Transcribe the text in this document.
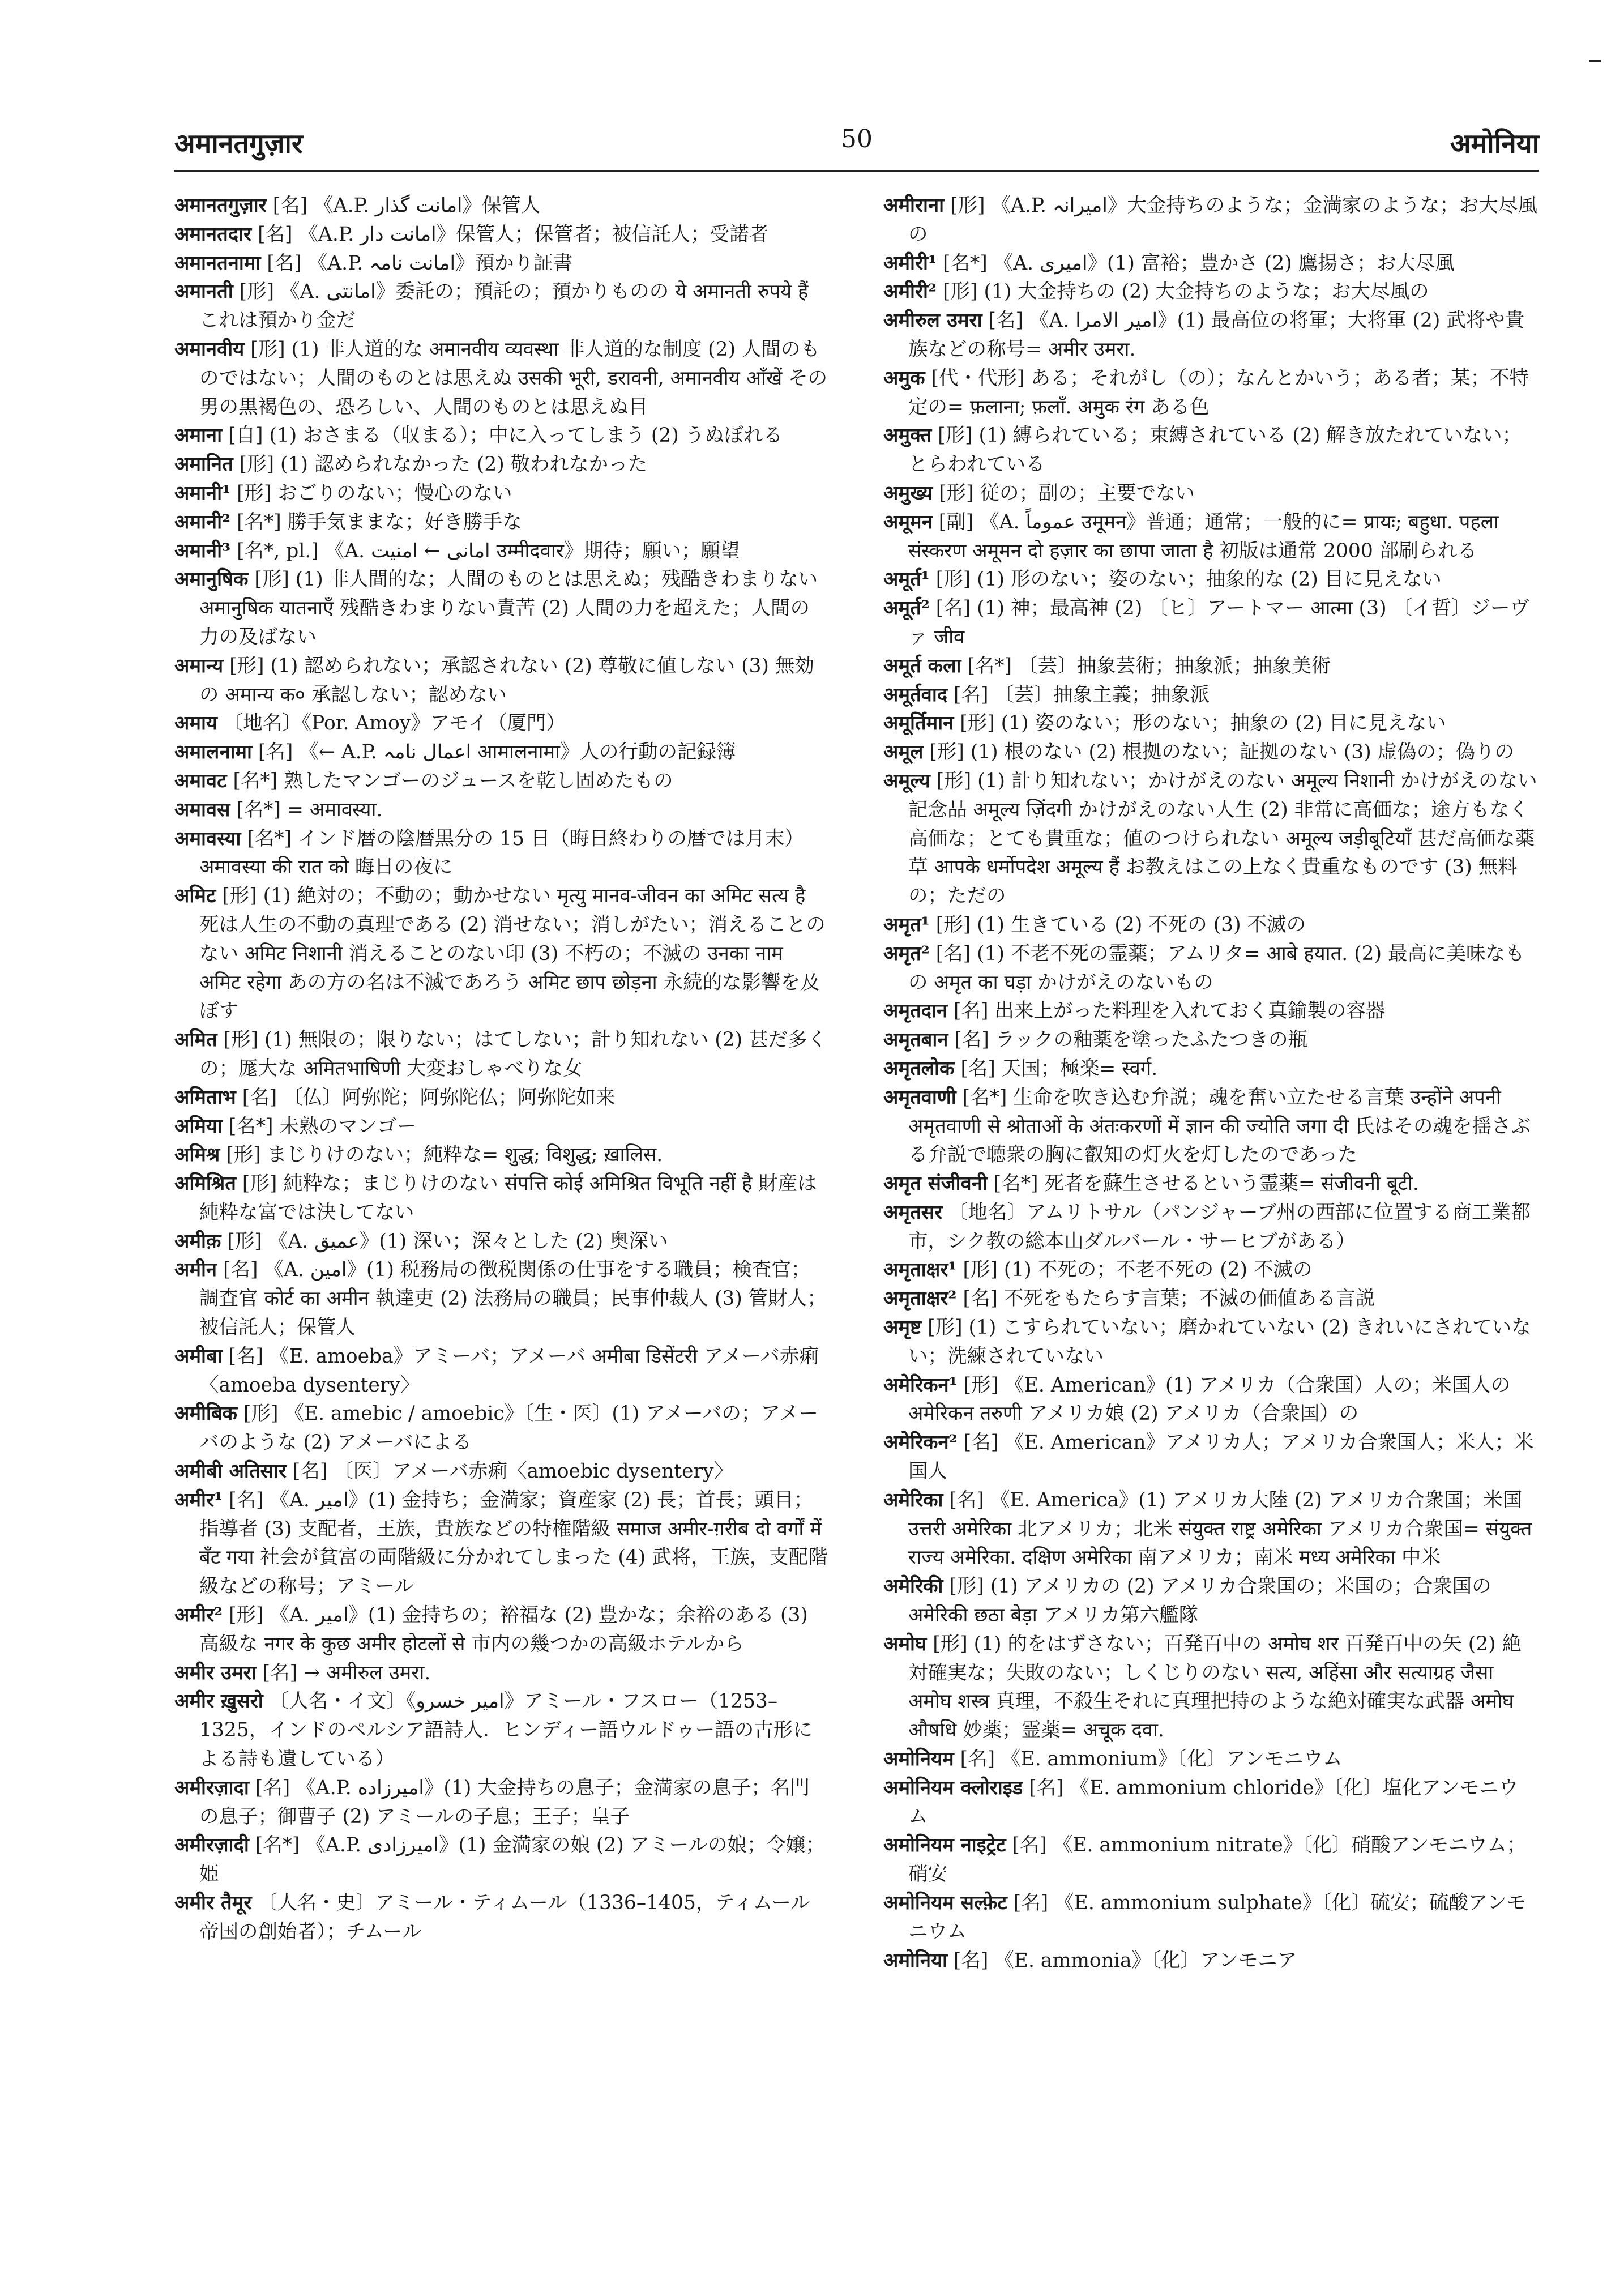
अमानतगुज़ार	50	अमोनिया

अमानतगुज़ार [名] 《A.P. امانت گذار》保管人

अमानतदार [名] 《A.P. امانت دار》保管人；保管者；被信託人；受諾者

अमानतनामा [名] 《A.P. امانت نامہ》預かり証書

अमानती [形] 《A. امانتی》委託の；預託の；預かりものの ये अमानती रुपये हैं これは預かり金だ

अमानवीय [形] (1) 非人道的な अमानवीय व्यवस्था 非人道的な制度 (2) 人間のものではない；人間のものとは思えぬ उसकी भूरी, डरावनी, अमानवीय आँखें その男の黒褐色の、恐ろしい、人間のものとは思えぬ目

अमाना [自] (1) おさまる（収まる）；中に入ってしまう (2) うぬぼれる

अमानित [形] (1) 認められなかった (2) 敬われなかった

अमानी¹ [形] おごりのない；慢心のない

अमानी² [名*] 勝手気ままな；好き勝手な

अमानी³ [名*, pl.] 《A. امانی ← امنیت उम्मीदवार》期待；願い；願望

अमानुषिक [形] (1) 非人間的な；人間のものとは思えぬ；残酷きわまりない अमानुषिक यातनाएँ 残酷きわまりない責苦 (2) 人間の力を超えた；人間の力の及ばない

अमान्य [形] (1) 認められない；承認されない (2) 尊敬に値しない (3) 無効の अमान्य क० 承認しない；認めない

अमाय 〔地名〕《Por. Amoy》アモイ（厦門）

अमालनामा [名] 《← A.P. اعمال نامہ आमालनामा》人の行動の記録簿

अमावट [名*] 熟したマンゴーのジュースを乾し固めたもの

अमावस [名*] = अमावस्या.

अमावस्या [名*] インド暦の陰暦黒分の 15 日（晦日終わりの暦では月末） अमावस्या की रात को 晦日の夜に

अमिट [形] (1) 絶対の；不動の；動かせない मृत्यु मानव-जीवन का अमिट सत्य है 死は人生の不動の真理である (2) 消せない；消しがたい；消えることのない अमिट निशानी 消えることのない印 (3) 不朽の；不滅の उनका नाम अमिट रहेगा あの方の名は不滅であろう अमिट छाप छोड़ना 永続的な影響を及ぼす

अमित [形] (1) 無限の；限りない；はてしない；計り知れない (2) 甚だ多くの；厖大な अमितभाषिणी 大変おしゃべりな女

अमिताभ [名] 〔仏〕阿弥陀；阿弥陀仏；阿弥陀如来

अमिया [名*] 未熟のマンゴー

अमिश्र [形] まじりけのない；純粋な= शुद्ध; विशुद्ध; ख़ालिस.

अमिश्रित [形] 純粋な；まじりけのない संपत्ति कोई अमिश्रित विभूति नहीं है 財産は純粋な富では決してない

अमीक़ [形] 《A. عمیق》(1) 深い；深々とした (2) 奥深い

अमीन [名] 《A. امین》(1) 税務局の徴税関係の仕事をする職員；検査官；調査官 कोर्ट का अमीन 執達吏 (2) 法務局の職員；民事仲裁人 (3) 管財人；被信託人；保管人

अमीबा [名] 《E. amoeba》アミーバ；アメーバ अमीबा डिसेंटरी アメーバ赤痢〈amoeba dysentery〉

अमीबिक [形] 《E. amebic / amoebic》〔生・医〕(1) アメーバの；アメーバのような (2) アメーバによる

अमीबी अतिसार [名] 〔医〕アメーバ赤痢〈amoebic dysentery〉

अमीर¹ [名] 《A. امیر》(1) 金持ち；金満家；資産家 (2) 長；首長；頭目；指導者 (3) 支配者，王族，貴族などの特権階級 समाज अमीर-ग़रीब दो वर्गों में बँट गया 社会が貧富の両階級に分かれてしまった (4) 武将，王族，支配階級などの称号；アミール

अमीर² [形] 《A. امیر》(1) 金持ちの；裕福な (2) 豊かな；余裕のある (3) 高級な नगर के कुछ अमीर होटलों से 市内の幾つかの高級ホテルから

अमीर उमरा [名] → अमीरुल उमरा.

अमीर ख़ुसरो 〔人名・イ文〕《امیر خسرو》アミール・フスロー（1253–1325，インドのペルシア語詩人．ヒンディー語ウルドゥー語の古形による詩も遺している）

अमीरज़ादा [名] 《A.P. امیرزاده》(1) 大金持ちの息子；金満家の息子；名門の息子；御曹子 (2) アミールの子息；王子；皇子

अमीरज़ादी [名*] 《A.P. امیرزادی》(1) 金満家の娘 (2) アミールの娘；令嬢；姫

अमीर तैमूर 〔人名・史〕アミール・ティムール（1336–1405，ティムール帝国の創始者）；チムール

अमीराना [形] 《A.P. امیرانہ》大金持ちのような；金満家のような；お大尽風の

अमीरी¹ [名*] 《A. امیری》(1) 富裕；豊かさ (2) 鷹揚さ；お大尽風

अमीरी² [形] (1) 大金持ちの (2) 大金持ちのような；お大尽風の

अमीरुल उमरा [名] 《A. امیر الامرا》(1) 最高位の将軍；大将軍 (2) 武将や貴族などの称号= अमीर उमरा.

अमुक [代・代形] ある；それがし（の）；なんとかいう；ある者；某；不特定の= फ़लाना; फ़लाँ. अमुक रंग ある色

अमुक्त [形] (1) 縛られている；束縛されている (2) 解き放たれていない；とらわれている

अमुख्य [形] 従の；副の；主要でない

अमूमन [副] 《A. عموماً उमूमन》普通；通常；一般的に= प्रायः; बहुधा. पहला संस्करण अमूमन दो हज़ार का छापा जाता है 初版は通常 2000 部刷られる

अमूर्त¹ [形] (1) 形のない；姿のない；抽象的な (2) 目に見えない

अमूर्त² [名] (1) 神；最高神 (2) 〔ヒ〕アートマー आत्मा (3) 〔イ哲〕ジーヴァ जीव

अमूर्त कला [名*] 〔芸〕抽象芸術；抽象派；抽象美術

अमूर्तवाद [名] 〔芸〕抽象主義；抽象派

अमूर्तिमान [形] (1) 姿のない；形のない；抽象の (2) 目に見えない

अमूल [形] (1) 根のない (2) 根拠のない；証拠のない (3) 虚偽の；偽りの

अमूल्य [形] (1) 計り知れない；かけがえのない अमूल्य निशानी かけがえのない記念品 अमूल्य ज़िंदगी かけがえのない人生 (2) 非常に高価な；途方もなく高価な；とても貴重な；値のつけられない अमूल्य जड़ीबूटियाँ 甚だ高価な薬草 आपके धर्मोपदेश अमूल्य हैं お教えはこの上なく貴重なものです (3) 無料の；ただの

अमृत¹ [形] (1) 生きている (2) 不死の (3) 不滅の

अमृत² [名] (1) 不老不死の霊薬；アムリタ= आबे हयात. (2) 最高に美味なもの अमृत का घड़ा かけがえのないもの

अमृतदान [名] 出来上がった料理を入れておく真鍮製の容器

अमृतबान [名] ラックの釉薬を塗ったふたつきの瓶

अमृतलोक [名] 天国；極楽= स्वर्ग.

अमृतवाणी [名*] 生命を吹き込む弁説；魂を奮い立たせる言葉 उन्होंने अपनी अमृतवाणी से श्रोताओं के अंतःकरणों में ज्ञान की ज्योति जगा दी 氏はその魂を揺さぶる弁説で聴衆の胸に叡知の灯火を灯したのであった

अमृत संजीवनी [名*] 死者を蘇生させるという霊薬= संजीवनी बूटी.

अमृतसर 〔地名〕アムリトサル（パンジャーブ州の西部に位置する商工業都市，シク教の総本山ダルバール・サーヒブがある）

अमृताक्षर¹ [形] (1) 不死の；不老不死の (2) 不滅の

अमृताक्षर² [名] 不死をもたらす言葉；不滅の価値ある言説

अमृष्ट [形] (1) こすられていない；磨かれていない (2) きれいにされていない；洗練されていない

अमेरिकन¹ [形] 《E. American》(1) アメリカ（合衆国）人の；米国人の अमेरिकन तरुणी アメリカ娘 (2) アメリカ（合衆国）の

अमेरिकन² [名] 《E. American》アメリカ人；アメリカ合衆国人；米人；米国人

अमेरिका [名] 《E. America》(1) アメリカ大陸 (2) アメリカ合衆国；米国 उत्तरी अमेरिका 北アメリカ；北米 संयुक्त राष्ट्र अमेरिका アメリカ合衆国= संयुक्त राज्य अमेरिका. दक्षिण अमेरिका 南アメリカ；南米 मध्य अमेरिका 中米

अमेरिकी [形] (1) アメリカの (2) アメリカ合衆国の；米国の；合衆国の अमेरिकी छठा बेड़ा アメリカ第六艦隊

अमोघ [形] (1) 的をはずさない；百発百中の अमोघ शर 百発百中の矢 (2) 絶対確実な；失敗のない；しくじりのない सत्य, अहिंसा और सत्याग्रह जैसा अमोघ शस्त्र 真理，不殺生それに真理把持のような絶対確実な武器 अमोघ औषधि 妙薬；霊薬= अचूक दवा.

अमोनियम [名] 《E. ammonium》〔化〕アンモニウム

अमोनियम क्लोराइड [名] 《E. ammonium chloride》〔化〕塩化アンモニウム

अमोनियम नाइट्रेट [名] 《E. ammonium nitrate》〔化〕硝酸アンモニウム；硝安

अमोनियम सल्फ़ेट [名] 《E. ammonium sulphate》〔化〕硫安；硫酸アンモニウム

अमोनिया [名] 《E. ammonia》〔化〕アンモニア
